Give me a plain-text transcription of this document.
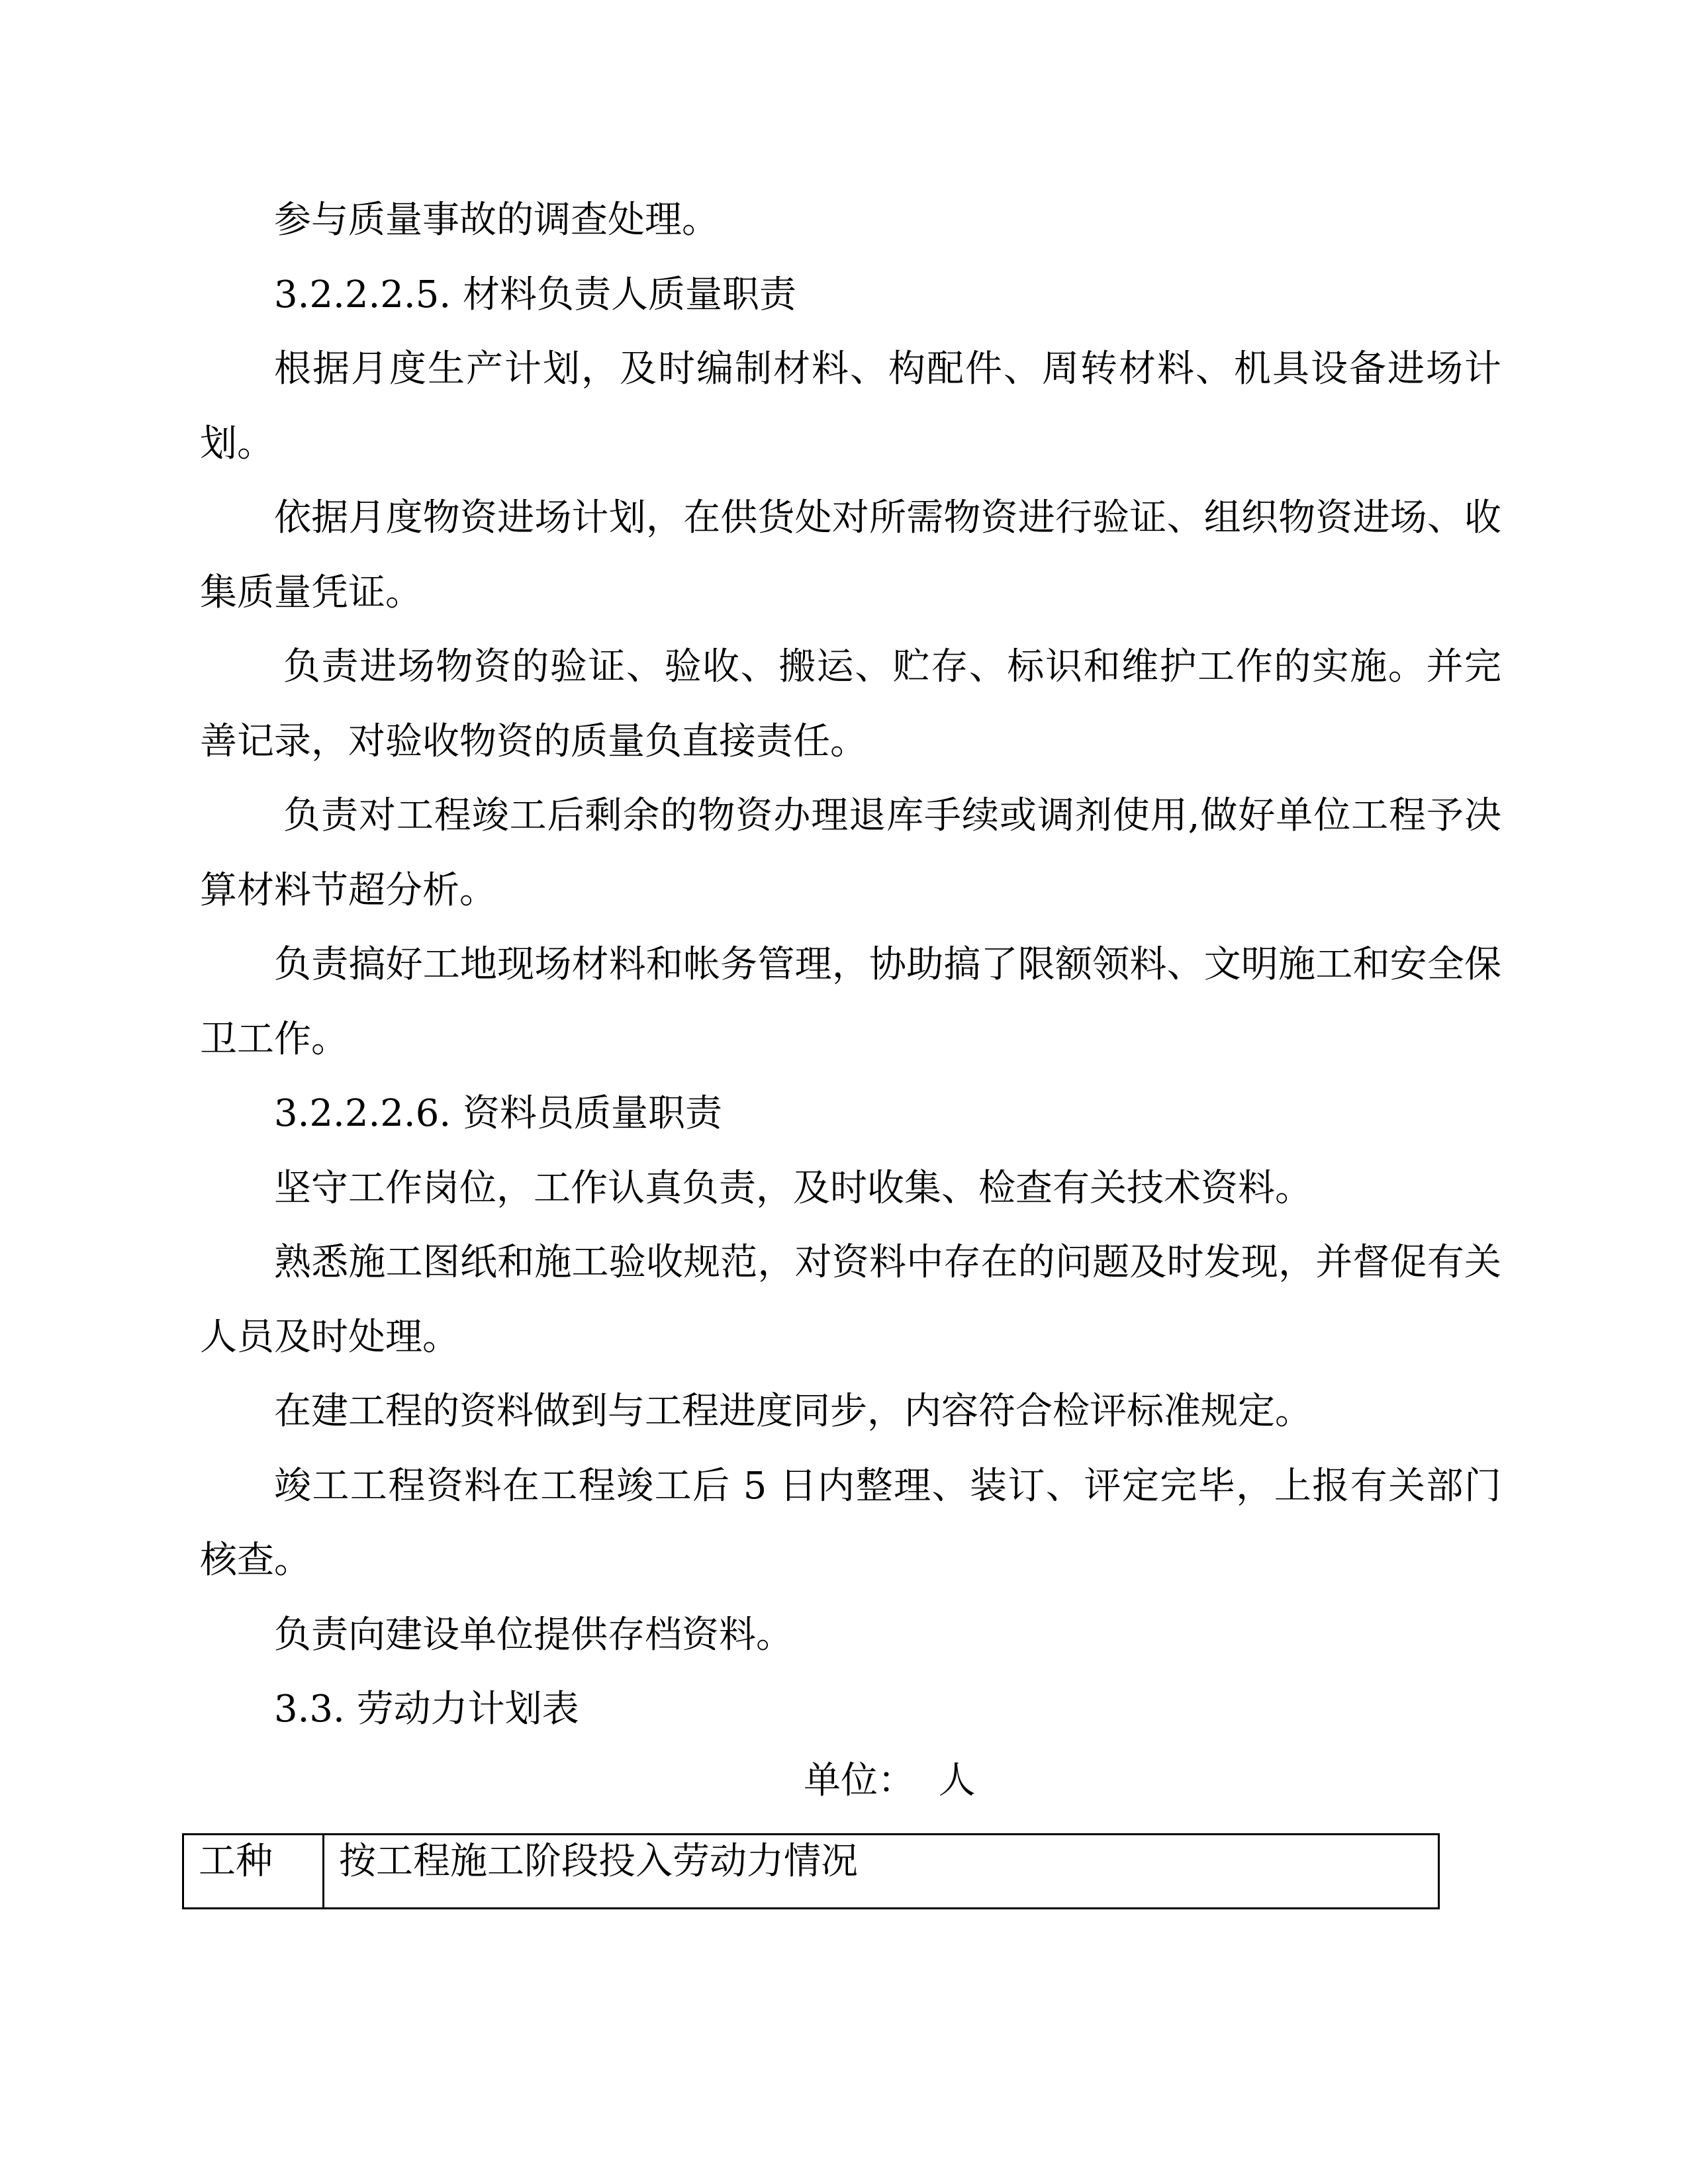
参与质量事故的调查处理。

3.2.2.2.5. 材料负责人质量职责

根据月度生产计划，及时编制材料、构配件、周转材料、机具设备进场计划。

依据月度物资进场计划，在供货处对所需物资进行验证、组织物资进场、收集质量凭证。

负责进场物资的验证、验收、搬运、贮存、标识和维护工作的实施。并完善记录，对验收物资的质量负直接责任。

负责对工程竣工后剩余的物资办理退库手续或调剂使用,做好单位工程予决算材料节超分析。

负责搞好工地现场材料和帐务管理，协助搞了限额领料、文明施工和安全保卫工作。

3.2.2.2.6. 资料员质量职责

坚守工作岗位，工作认真负责，及时收集、检查有关技术资料。

熟悉施工图纸和施工验收规范，对资料中存在的问题及时发现，并督促有关人员及时处理。

在建工程的资料做到与工程进度同步，内容符合检评标准规定。

竣工工程资料在工程竣工后 5 日内整理、装订、评定完毕，上报有关部门核查。

负责向建设单位提供存档资料。

3.3. 劳动力计划表

单位：  人
工种	按工程施工阶段投入劳动力情况
